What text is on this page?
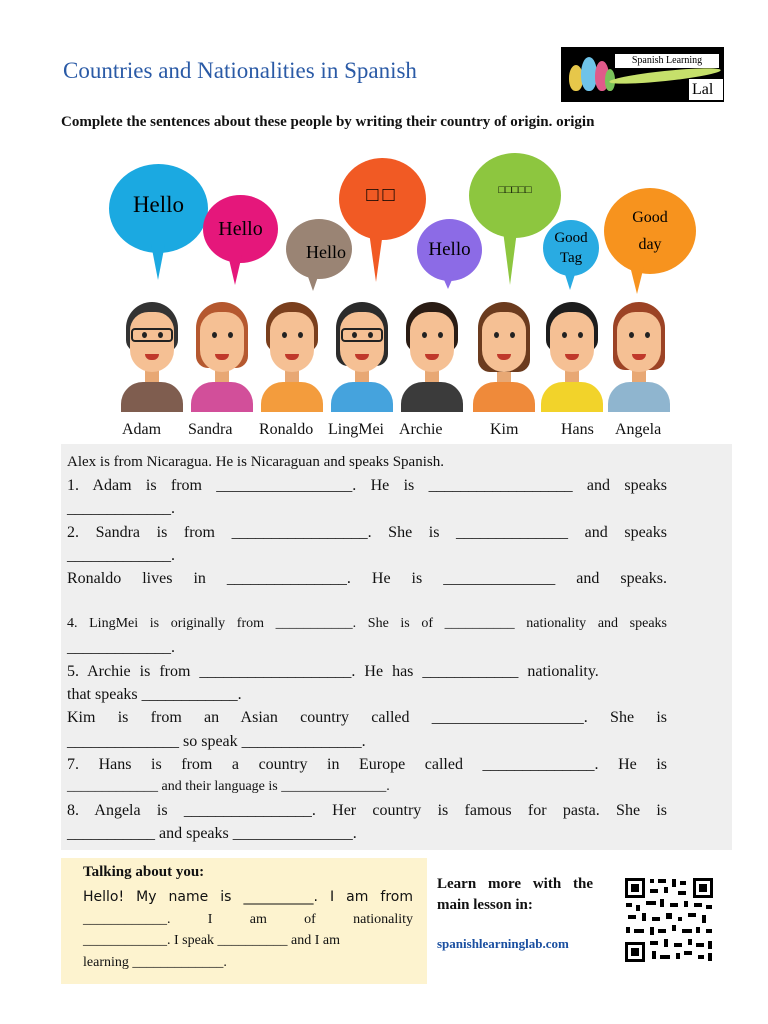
Countries and Nationalities in Spanish	Spanish Learning
Lal
Complete the sentences about these people by writing their country of origin. origin
Hello
Hello
Hello
□□
Hello
□□□□□
Good Tag
Good day
Adam Sandra Ronaldo LingMei Archie	Kim	Hans Angela
Alex is from Nicaragua. He is Nicaraguan and speaks Spanish.
1. Adam is from _________________. He is __________________ and speaks
_____________.
2. Sandra is from _________________. She is ______________ and speaks
_____________.
Ronaldo lives in _______________. He is ______________ and speaks.
4. LingMei is originally from ___________. She is of __________ nationality and speaks
_____________.
5. Archie is from ___________________. He has ____________ nationality.
that speaks ____________.
Kim is from an Asian country called ___________________. She is
______________ so speak _______________.
7. Hans is from a country in Europe called ______________. He is
_____________ and their language is _______________.
8. Angela is ________________. Her country is famous for pasta. She is
___________ and speaks _______________.
Talking about you:
Hello! My name is __________. I am from
____________. I am of nationality
____________. I speak __________ and I am
learning _____________.
Learn more with the main lesson in:
spanishlearninglab.com
